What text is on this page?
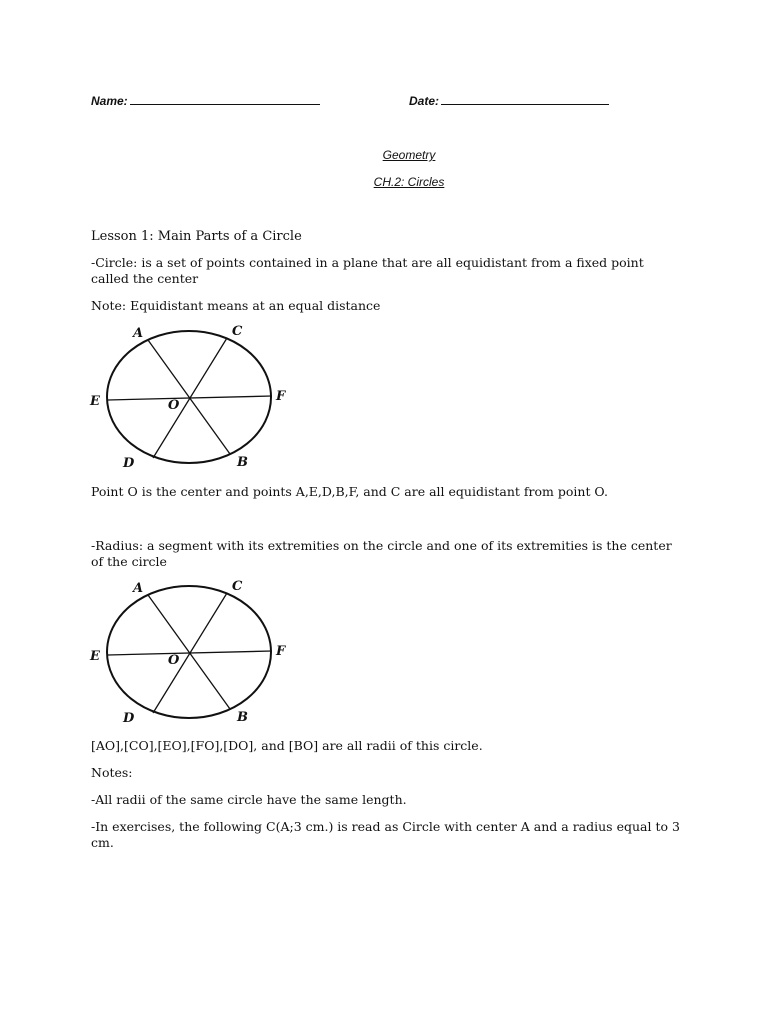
Name:	Date:
Geometry
CH.2: Circles

Lesson 1: Main Parts of a Circle

-Circle: is a set of points contained in a plane that are all equidistant from a fixed point called the center

Note: Equidistant means at an equal distance

A	C
E	F
O
D	B

Point O is the center and points A,E,D,B,F, and C are all equidistant from point O.

-Radius: a segment with its extremities on the circle and one of its extremities is the center of the circle

A	C
E	F
O
D	B

[AO],[CO],[EO],[FO],[DO], and [BO] are all radii of this circle.

Notes:

-All radii of the same circle have the same length.

-In exercises, the following C(A;3 cm.) is read as Circle with center A and a radius equal to 3 cm.
